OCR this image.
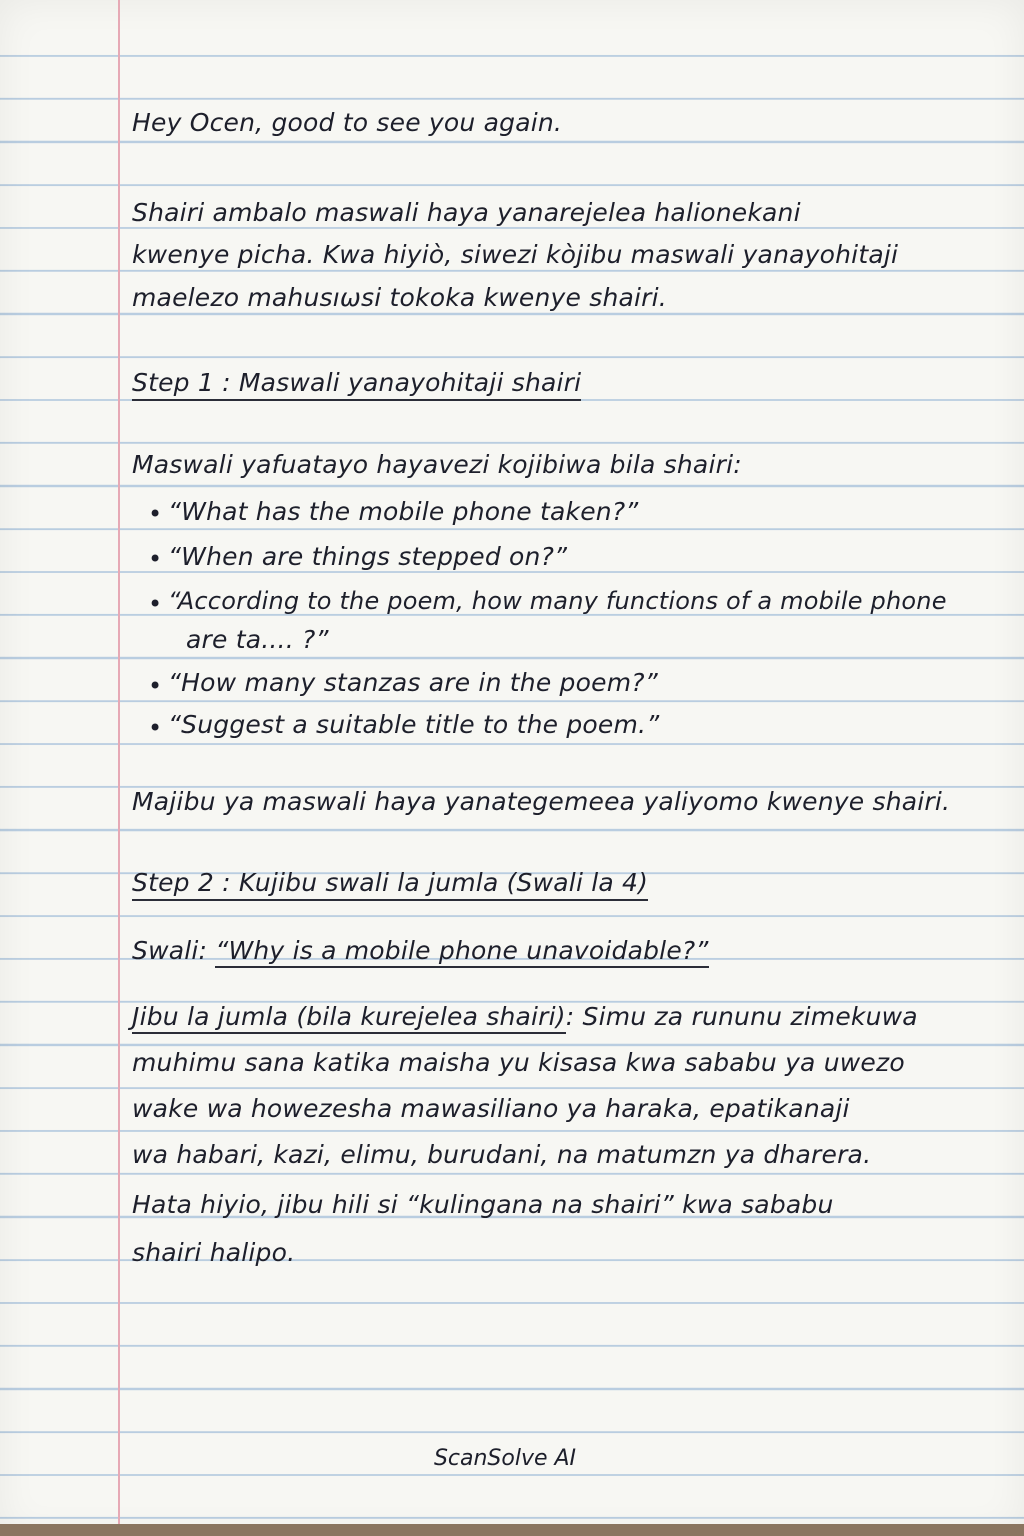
Hey Ocen, good to see you again.
Shairi ambalo maswali haya yanarejelea halionekani
kwenye picha. Kwa hiyiò, siwezi kòjibu maswali yanayohitaji
maelezo mahusıωsi tokoka kwenye shairi.
Step 1 : Maswali yanayohitaji shairi
Maswali yafuatayo hayavezi kojibiwa bila shairi:
• “What has the mobile phone taken?”
• “When are things stepped on?”
• “According to the poem, how many functions of a mobile phone
are ta.... ?”
• “How many stanzas are in the poem?”
• “Suggest a suitable title to the poem.”
Majibu ya maswali haya yanategemeea yaliyomo kwenye shairi.
Step 2 : Kujibu swali la jumla (Swali la 4)
Swali: “Why is a mobile phone unavoidable?”
Jibu la jumla (bila kurejelea shairi): Simu za rununu zimekuwa
muhimu sana katika maisha yu kisasa kwa sababu ya uwezo
wake wa howezesha mawasiliano ya haraka, epatikanaji
wa habari, kazi, elimu, burudani, na matumzn ya dharera.
Hata hiyio, jibu hili si “kulingana na shairi” kwa sababu
shairi halipo.
ScanSolve AI
